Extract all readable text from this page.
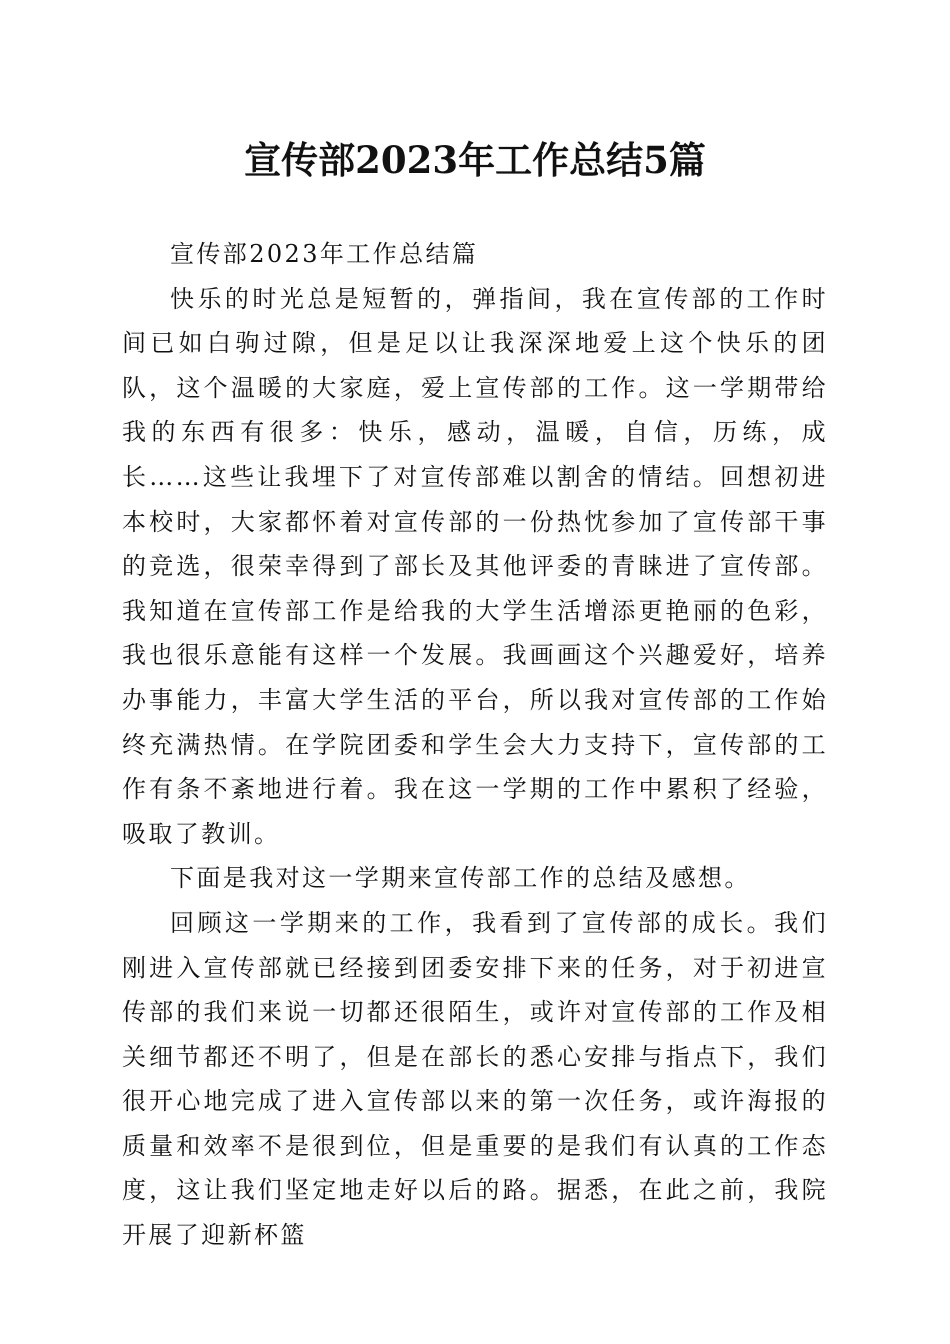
宣传部2023年工作总结5篇

宣传部2023年工作总结篇

快乐的时光总是短暂的，弹指间，我在宣传部的工作时间已如白驹过隙，但是足以让我深深地爱上这个快乐的团队，这个温暖的大家庭，爱上宣传部的工作。这一学期带给我的东西有很多：快乐，感动，温暖，自信，历练，成长……这些让我埋下了对宣传部难以割舍的情结。回想初进本校时，大家都怀着对宣传部的一份热忱参加了宣传部干事的竞选，很荣幸得到了部长及其他评委的青睐进了宣传部。我知道在宣传部工作是给我的大学生活增添更艳丽的色彩，我也很乐意能有这样一个发展。我画画这个兴趣爱好，培养办事能力，丰富大学生活的平台，所以我对宣传部的工作始终充满热情。在学院团委和学生会大力支持下，宣传部的工作有条不紊地进行着。我在这一学期的工作中累积了经验，吸取了教训。

下面是我对这一学期来宣传部工作的总结及感想。

回顾这一学期来的工作，我看到了宣传部的成长。我们刚进入宣传部就已经接到团委安排下来的任务，对于初进宣传部的我们来说一切都还很陌生，或许对宣传部的工作及相关细节都还不明了，但是在部长的悉心安排与指点下，我们很开心地完成了进入宣传部以来的第一次任务，或许海报的质量和效率不是很到位，但是重要的是我们有认真的工作态度，这让我们坚定地走好以后的路。据悉，在此之前，我院开展了迎新杯篮
